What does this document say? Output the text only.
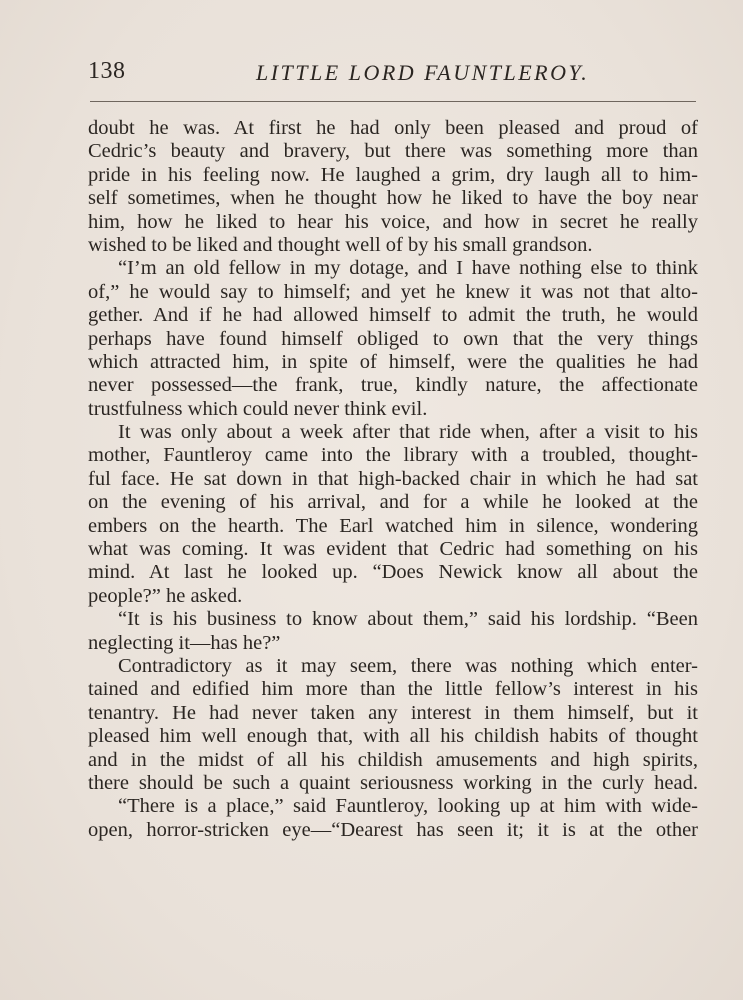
138	LITTLE LORD FAUNTLEROY.
doubt he was. At first he had only been pleased and proud of
Cedric’s beauty and bravery, but there was something more than
pride in his feeling now. He laughed a grim, dry laugh all to him-
self sometimes, when he thought how he liked to have the boy near
him, how he liked to hear his voice, and how in secret he really
wished to be liked and thought well of by his small grandson.
“I’m an old fellow in my dotage, and I have nothing else to think
of,” he would say to himself; and yet he knew it was not that alto-
gether. And if he had allowed himself to admit the truth, he would
perhaps have found himself obliged to own that the very things
which attracted him, in spite of himself, were the qualities he had
never possessed—the frank, true, kindly nature, the affectionate
trustfulness which could never think evil.
It was only about a week after that ride when, after a visit to his
mother, Fauntleroy came into the library with a troubled, thought-
ful face. He sat down in that high-backed chair in which he had sat
on the evening of his arrival, and for a while he looked at the
embers on the hearth. The Earl watched him in silence, wondering
what was coming. It was evident that Cedric had something on his
mind. At last he looked up. “Does Newick know all about the
people?” he asked.
“It is his business to know about them,” said his lordship. “Been
neglecting it—has he?”
Contradictory as it may seem, there was nothing which enter-
tained and edified him more than the little fellow’s interest in his
tenantry. He had never taken any interest in them himself, but it
pleased him well enough that, with all his childish habits of thought
and in the midst of all his childish amusements and high spirits,
there should be such a quaint seriousness working in the curly head.
“There is a place,” said Fauntleroy, looking up at him with wide-
open, horror-stricken eye—“Dearest has seen it; it is at the other
